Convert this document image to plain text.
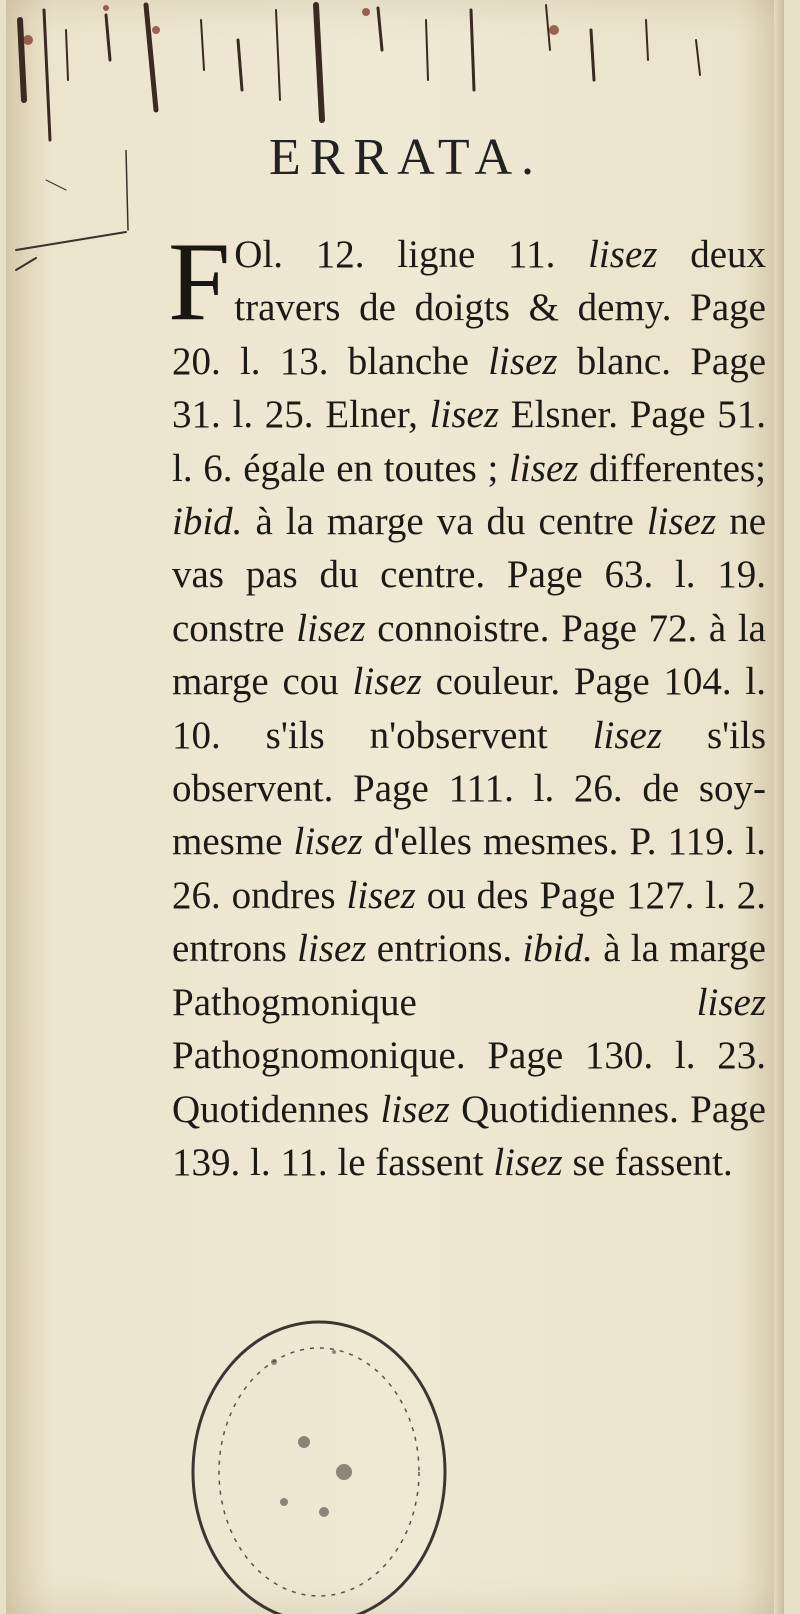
ERRATA.
F Ol. 12. ligne 11. lisez deux travers de doigts & demy. Page 20. l. 13. blanche lisez blanc. Page 31. l. 25. Elner, lisez Elsner. Page 51. l. 6. égale en toutes ; lisez differentes; ibid. à la marge va du centre lisez ne vas pas du centre. Page 63. l. 19. constre lisez connoistre. Page 72. à la marge cou lisez couleur. Page 104. l. 10. s'ils n'observent lisez s'ils observent. Page 111. l. 26. de soy-mesme lisez d'elles mesmes. P. 119. l. 26. ondres lisez ou des Page 127. l. 2. entrons lisez entrions. ibid. à la marge Pathogmonique lisez Pathognomonique. Page 130. l. 23. Quotidennes lisez Quotidiennes. Page 139. l. 11. le fassent lisez se fassent.
